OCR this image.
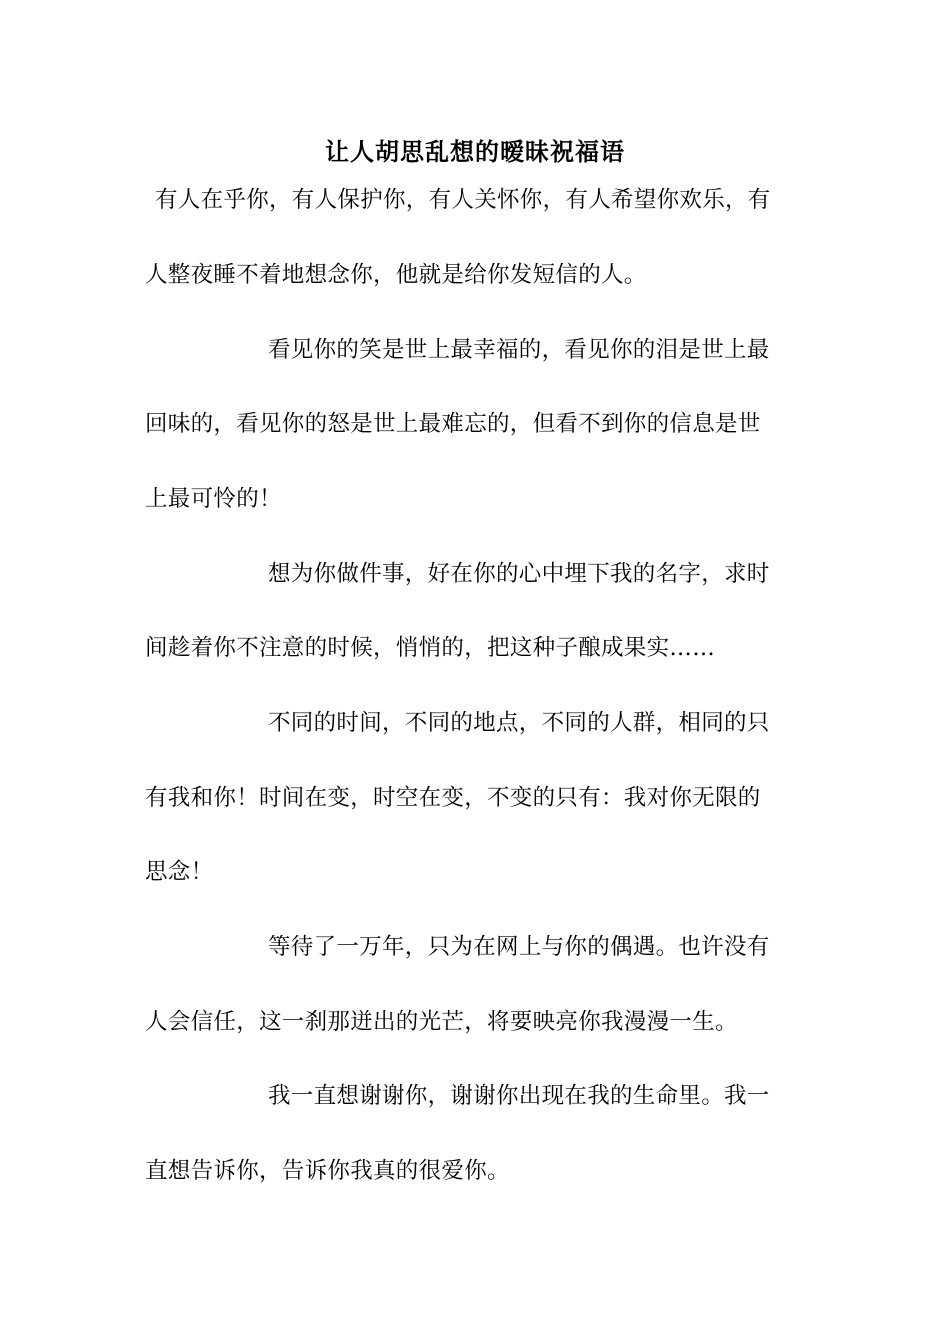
让人胡思乱想的暧昧祝福语
有人在乎你，有人保护你，有人关怀你，有人希望你欢乐，有
人整夜睡不着地想念你，他就是给你发短信的人。
看见你的笑是世上最幸福的，看见你的泪是世上最
回味的，看见你的怒是世上最难忘的，但看不到你的信息是世
上最可怜的！
想为你做件事，好在你的心中埋下我的名字，求时
间趁着你不注意的时候，悄悄的，把这种子酿成果实……
不同的时间，不同的地点，不同的人群，相同的只
有我和你！时间在变，时空在变，不变的只有：我对你无限的
思念！
等待了一万年，只为在网上与你的偶遇。也许没有
人会信任，这一刹那迸出的光芒，将要映亮你我漫漫一生。
我一直想谢谢你，谢谢你出现在我的生命里。我一
直想告诉你，告诉你我真的很爱你。
